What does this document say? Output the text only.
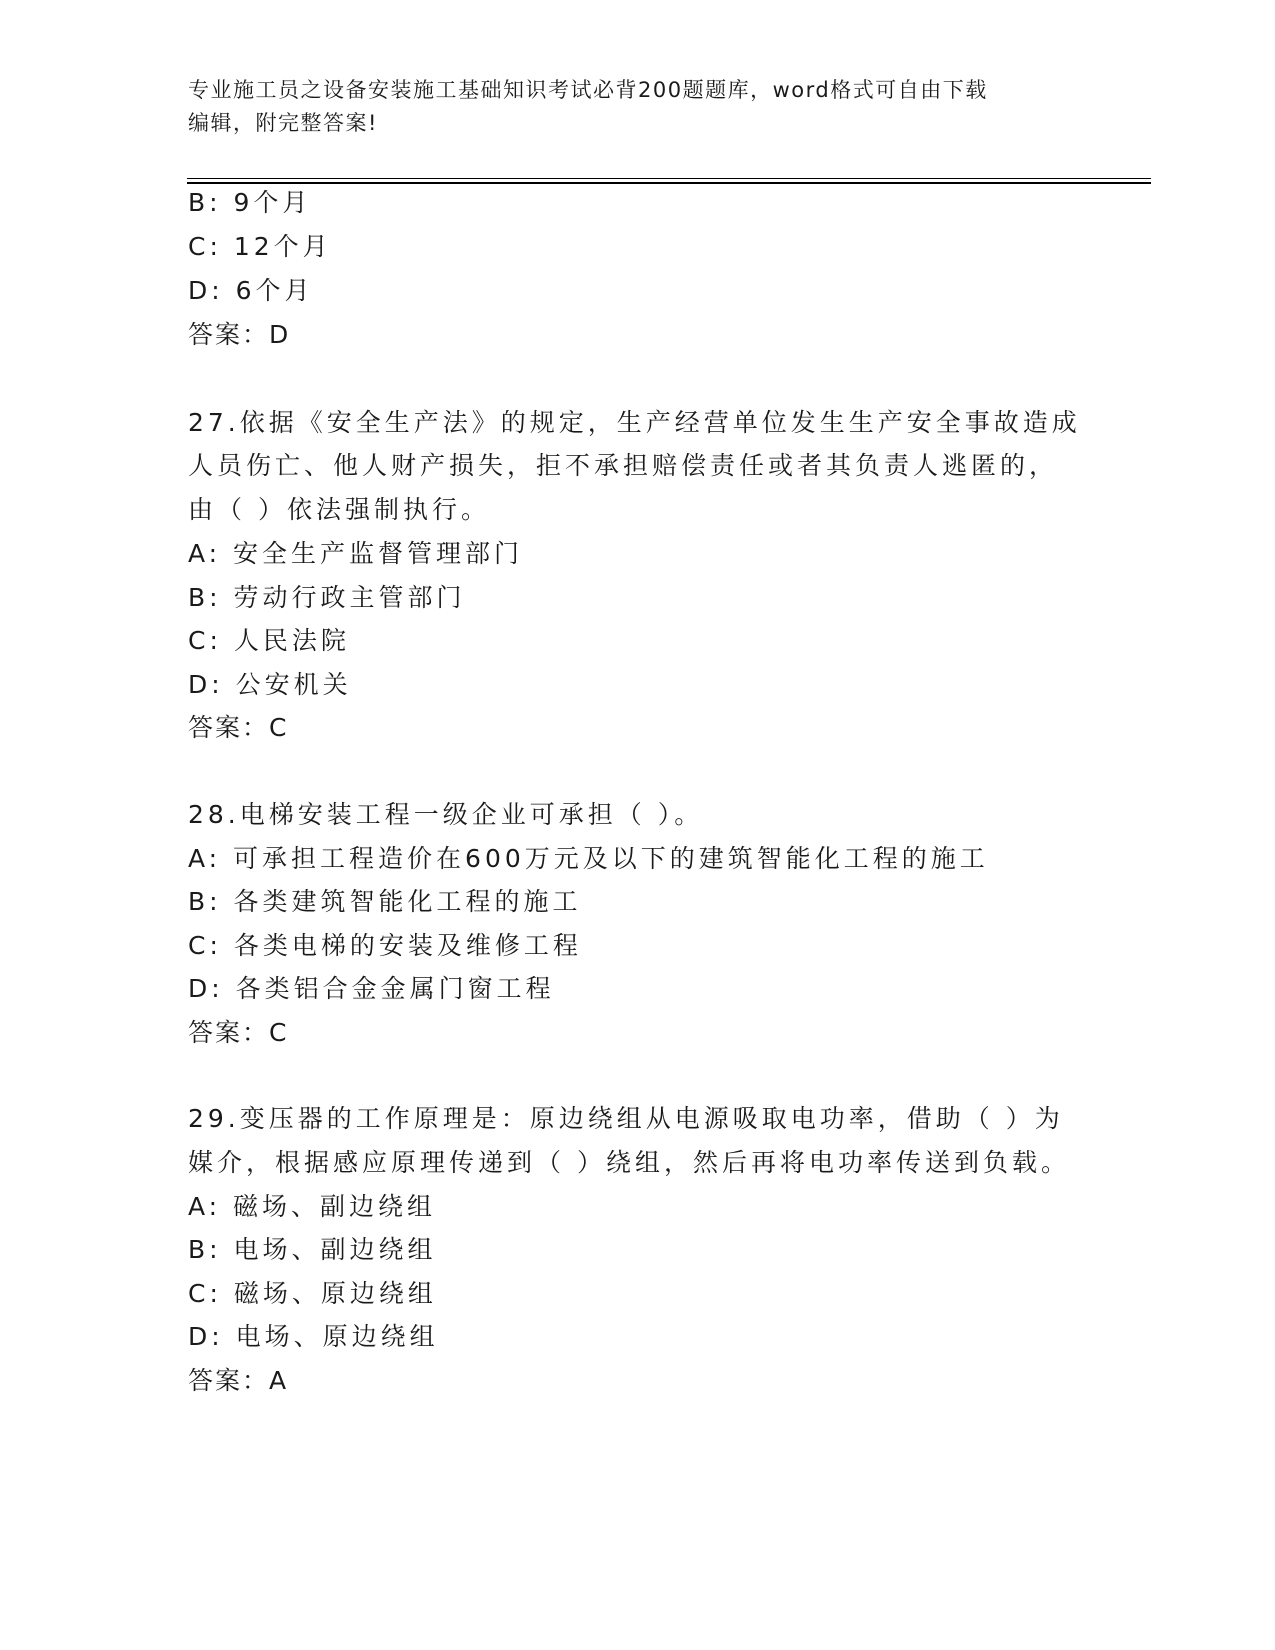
专业施工员之设备安装施工基础知识考试必背200题题库，word格式可自由下载
编辑，附完整答案!
B: 9个月
C: 12个月
D: 6个月
答案：D
27.依据《安全生产法》的规定，生产经营单位发生生产安全事故造成
人员伤亡、他人财产损失，拒不承担赔偿责任或者其负责人逃匿的，
由（ ）依法强制执行。
A: 安全生产监督管理部门
B: 劳动行政主管部门
C: 人民法院
D: 公安机关
答案：C
28.电梯安装工程一级企业可承担（ ）。
A: 可承担工程造价在600万元及以下的建筑智能化工程的施工
B: 各类建筑智能化工程的施工
C: 各类电梯的安装及维修工程
D: 各类铝合金金属门窗工程
答案：C
29.变压器的工作原理是：原边绕组从电源吸取电功率，借助（ ）为
媒介，根据感应原理传递到（ ）绕组，然后再将电功率传送到负载。
A: 磁场、副边绕组
B: 电场、副边绕组
C: 磁场、原边绕组
D: 电场、原边绕组
答案：A
